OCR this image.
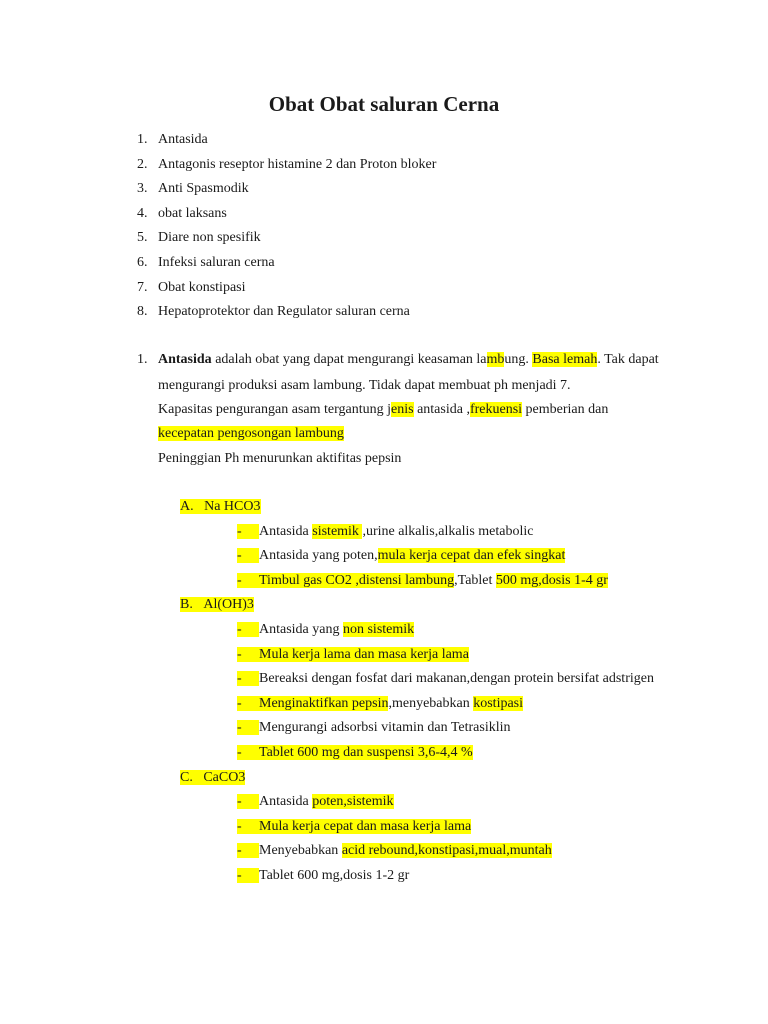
Obat Obat saluran Cerna
1. Antasida
2. Antagonis reseptor histamine 2 dan Proton bloker
3. Anti Spasmodik
4. obat laksans
5. Diare non spesifik
6. Infeksi saluran cerna
7. Obat konstipasi
8. Hepatoprotektor dan Regulator saluran cerna
1. Antasida adalah obat yang dapat mengurangi keasaman lambung. Basa lemah. Tak dapat
mengurangi produksi asam lambung. Tidak dapat membuat ph menjadi 7.
Kapasitas pengurangan asam tergantung jenis antasida ,frekuensi pemberian dan
kecepatan pengosongan lambung
Peninggian Ph menurunkan aktifitas pepsin
A.   Na HCO3
- Antasida sistemik ,urine alkalis,alkalis metabolic
- Antasida yang poten,mula kerja cepat dan efek singkat
- Timbul gas CO2 ,distensi lambung,Tablet 500 mg,dosis 1-4 gr
B.   Al(OH)3
- Antasida yang non sistemik
- Mula kerja lama dan masa kerja lama
- Bereaksi dengan fosfat dari makanan,dengan protein bersifat adstrigen
- Menginaktifkan pepsin,menyebabkan kostipasi
- Mengurangi adsorbsi vitamin dan Tetrasiklin
- Tablet 600 mg dan suspensi 3,6-4,4 %
C.   CaCO3
- Antasida poten,sistemik
- Mula kerja cepat dan masa kerja lama
- Menyebabkan acid rebound,konstipasi,mual,muntah
- Tablet 600 mg,dosis 1-2 gr
